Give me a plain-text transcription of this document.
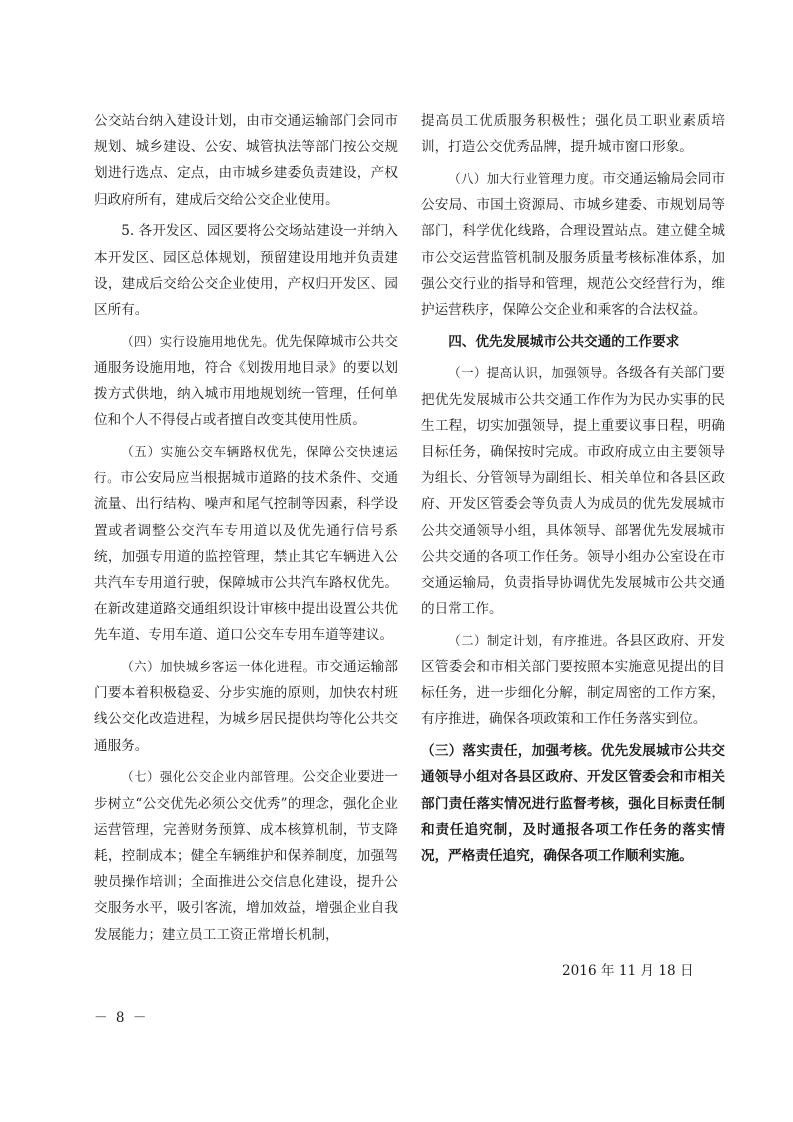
公交站台纳入建设计划，由市交通运输部门会同市规划、城乡建设、公安、城管执法等部门按公交规划进行选点、定点，由市城乡建委负责建设，产权归政府所有，建成后交给公交企业使用。

5. 各开发区、园区要将公交场站建设一并纳入本开发区、园区总体规划，预留建设用地并负责建设，建成后交给公交企业使用，产权归开发区、园区所有。

（四）实行设施用地优先。优先保障城市公共交通服务设施用地，符合《划拨用地目录》的要以划拨方式供地，纳入城市用地规划统一管理，任何单位和个人不得侵占或者擅自改变其使用性质。

（五）实施公交车辆路权优先，保障公交快速运行。市公安局应当根据城市道路的技术条件、交通流量、出行结构、噪声和尾气控制等因素，科学设置或者调整公交汽车专用道以及优先通行信号系统，加强专用道的监控管理，禁止其它车辆进入公共汽车专用道行驶，保障城市公共汽车路权优先。在新改建道路交通组织设计审核中提出设置公共优先车道、专用车道、道口公交车专用车道等建议。

（六）加快城乡客运一体化进程。市交通运输部门要本着积极稳妥、分步实施的原则，加快农村班线公交化改造进程，为城乡居民提供均等化公共交通服务。

（七）强化公交企业内部管理。公交企业要进一步树立“公交优先必须公交优秀”的理念，强化企业运营管理，完善财务预算、成本核算机制，节支降耗，控制成本；健全车辆维护和保养制度，加强驾驶员操作培训；全面推进公交信息化建设，提升公交服务水平，吸引客流，增加效益，增强企业自我发展能力；建立员工工资正常增长机制，

提高员工优质服务积极性；强化员工职业素质培训，打造公交优秀品牌，提升城市窗口形象。

（八）加大行业管理力度。市交通运输局会同市公安局、市国土资源局、市城乡建委、市规划局等部门，科学优化线路，合理设置站点。建立健全城市公交运营监管机制及服务质量考核标准体系，加强公交行业的指导和管理，规范公交经营行为，维护运营秩序，保障公交企业和乘客的合法权益。

四、优先发展城市公共交通的工作要求

（一）提高认识，加强领导。各级各有关部门要把优先发展城市公共交通工作作为为民办实事的民生工程，切实加强领导，提上重要议事日程，明确目标任务，确保按时完成。市政府成立由主要领导为组长、分管领导为副组长、相关单位和各县区政府、开发区管委会等负责人为成员的优先发展城市公共交通领导小组，具体领导、部署优先发展城市公共交通的各项工作任务。领导小组办公室设在市交通运输局，负责指导协调优先发展城市公共交通的日常工作。

（二）制定计划，有序推进。各县区政府、开发区管委会和市相关部门要按照本实施意见提出的目标任务，进一步细化分解，制定周密的工作方案，有序推进，确保各项政策和工作任务落实到位。

（三）落实责任，加强考核。优先发展城市公共交通领导小组对各县区政府、开发区管委会和市相关部门责任落实情况进行监督考核，强化目标责任制和责任追究制，及时通报各项工作任务的落实情况，严格责任追究，确保各项工作顺利实施。

2016 年 11 月 18 日
－ 8 －
